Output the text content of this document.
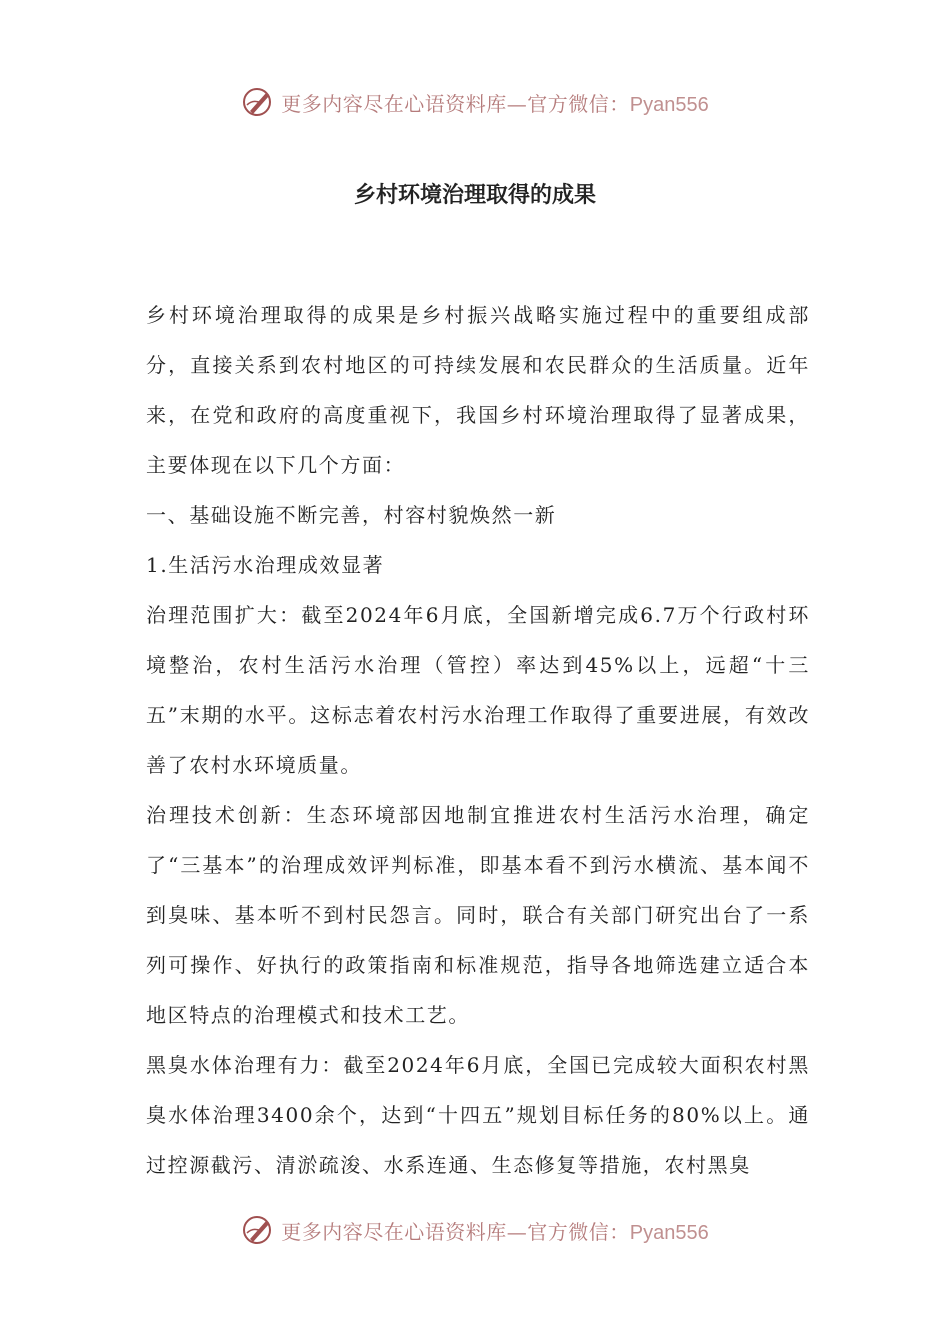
更多内容尽在心语资料库—官方微信：Pyan556
乡村环境治理取得的成果

乡村环境治理取得的成果是乡村振兴战略实施过程中的重要组成部分，直接关系到农村地区的可持续发展和农民群众的生活质量。近年来，在党和政府的高度重视下，我国乡村环境治理取得了显著成果，主要体现在以下几个方面：

一、基础设施不断完善，村容村貌焕然一新

1.生活污水治理成效显著

治理范围扩大：截至2024年6月底，全国新增完成6.7万个行政村环境整治，农村生活污水治理（管控）率达到45%以上，远超“十三五”末期的水平。这标志着农村污水治理工作取得了重要进展，有效改善了农村水环境质量。

治理技术创新：生态环境部因地制宜推进农村生活污水治理，确定了“三基本”的治理成效评判标准，即基本看不到污水横流、基本闻不到臭味、基本听不到村民怨言。同时，联合有关部门研究出台了一系列可操作、好执行的政策指南和标准规范，指导各地筛选建立适合本地区特点的治理模式和技术工艺。

黑臭水体治理有力：截至2024年6月底，全国已完成较大面积农村黑臭水体治理3400余个，达到“十四五”规划目标任务的80%以上。通过控源截污、清淤疏浚、水系连通、生态修复等措施，农村黑臭

更多内容尽在心语资料库—官方微信：Pyan556
